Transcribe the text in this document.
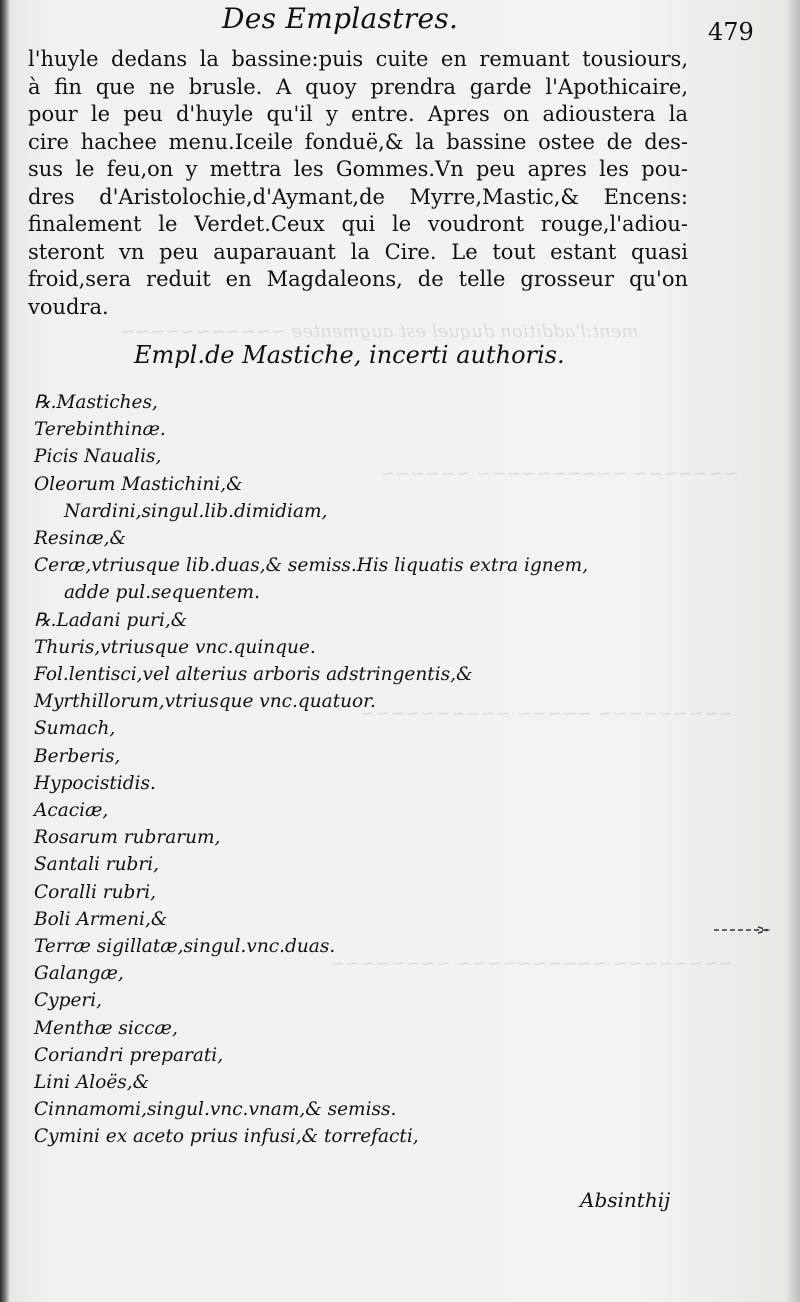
ment:l'addition duquel est augmentee ~~~~~~~~~~~
~~~~~~~ ~~~~~~~~~~ ~~~~~~
~~~~~~~~~ ~~~~~ ~~~~~~~~~~
~~~~~~~~ ~~~~~~~~~~ ~~~~~~~~
Des Emplastres.	479
l'huyle dedans la bassine:puis cuite en remuant tousiours,
à fin que ne brusle. A quoy prendra garde l'Apothicaire,
pour le peu d'huyle qu'il y entre. Apres on adioustera la
cire hachee menu.Iceile fonduë,& la bassine ostee de des-
sus le feu,on y mettra les Gommes.Vn peu apres les pou-
dres d'Aristolochie,d'Aymant,de Myrre,Mastic,& Encens:
finalement le Verdet.Ceux qui le voudront rouge,l'adiou-
steront vn peu auparauant la Cire. Le tout estant quasi
froid,sera reduit en Magdaleons, de telle grosseur qu'on
voudra.
Empl.de Mastiche, incerti authoris.
℞.Mastiches,
Terebinthinæ.
Picis Naualis,
Oleorum Mastichini,&
Nardini,singul.lib.dimidiam,
Resinæ,&
Ceræ,vtriusque lib.duas,& semiss.His liquatis extra ignem,
adde pul.sequentem.
℞.Ladani puri,&
Thuris,vtriusque vnc.quinque.
Fol.lentisci,vel alterius arboris adstringentis,&
Myrthillorum,vtriusque vnc.quatuor.
Sumach,
Berberis,
Hypocistidis.
Acaciæ,
Rosarum rubrarum,
Santali rubri,
Coralli rubri,
Boli Armeni,&
Terræ sigillatæ,singul.vnc.duas.
Galangæ,
Cyperi,
Menthæ siccæ,
Coriandri preparati,
Lini Aloës,&
Cinnamomi,singul.vnc.vnam,& semiss.
Cymini ex aceto prius infusi,& torrefacti,
Absinthij
